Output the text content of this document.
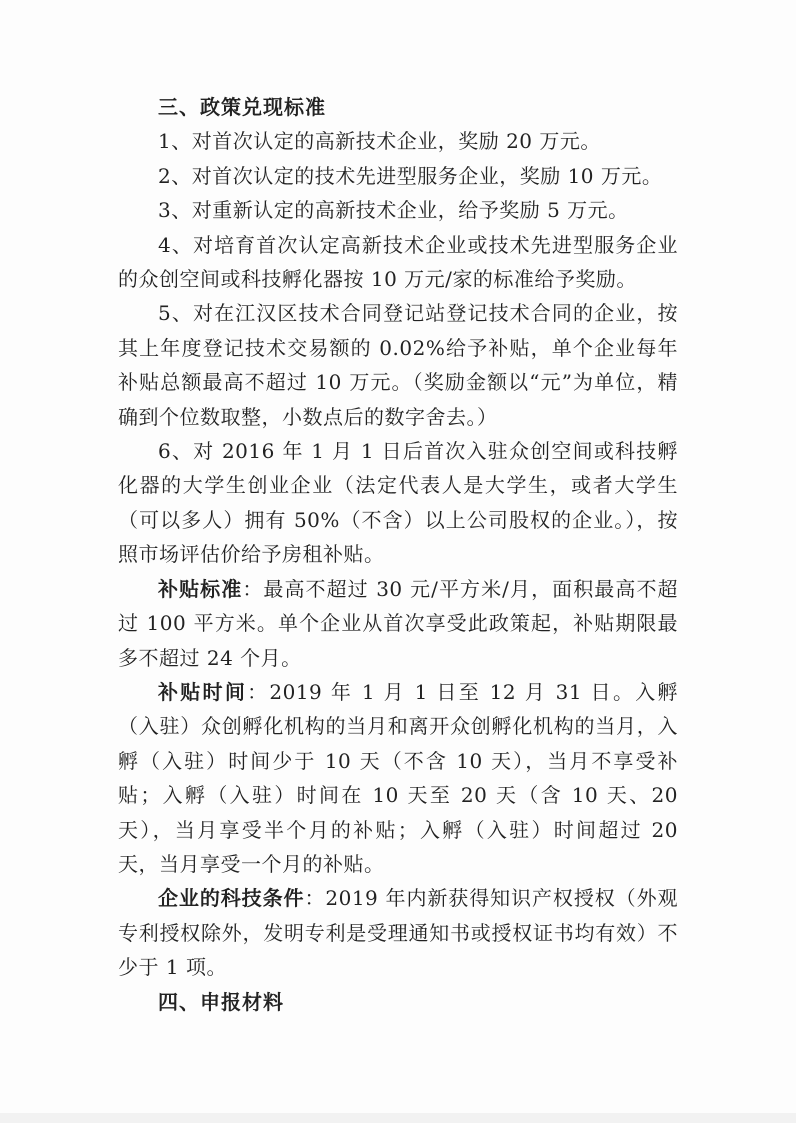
三、政策兑现标准

1、对首次认定的高新技术企业，奖励 20 万元。

2、对首次认定的技术先进型服务企业，奖励 10 万元。

3、对重新认定的高新技术企业，给予奖励 5 万元。

4、对培育首次认定高新技术企业或技术先进型服务企业的众创空间或科技孵化器按 10 万元/家的标准给予奖励。

5、对在江汉区技术合同登记站登记技术合同的企业，按其上年度登记技术交易额的 0.02%给予补贴，单个企业每年补贴总额最高不超过 10 万元。（奖励金额以“元”为单位，精确到个位数取整，小数点后的数字舍去。）

6、对 2016 年 1 月 1 日后首次入驻众创空间或科技孵化器的大学生创业企业（法定代表人是大学生，或者大学生（可以多人）拥有 50%（不含）以上公司股权的企业。），按照市场评估价给予房租补贴。

补贴标准：最高不超过 30 元/平方米/月，面积最高不超过 100 平方米。单个企业从首次享受此政策起，补贴期限最多不超过 24 个月。

补贴时间：2019 年 1 月 1 日至 12 月 31 日。入孵（入驻）众创孵化机构的当月和离开众创孵化机构的当月，入孵（入驻）时间少于 10 天（不含 10 天），当月不享受补贴；入孵（入驻）时间在 10 天至 20 天（含 10 天、20 天），当月享受半个月的补贴；入孵（入驻）时间超过 20 天，当月享受一个月的补贴。

企业的科技条件：2019 年内新获得知识产权授权（外观专利授权除外，发明专利是受理通知书或授权证书均有效）不少于 1 项。

四、申报材料
